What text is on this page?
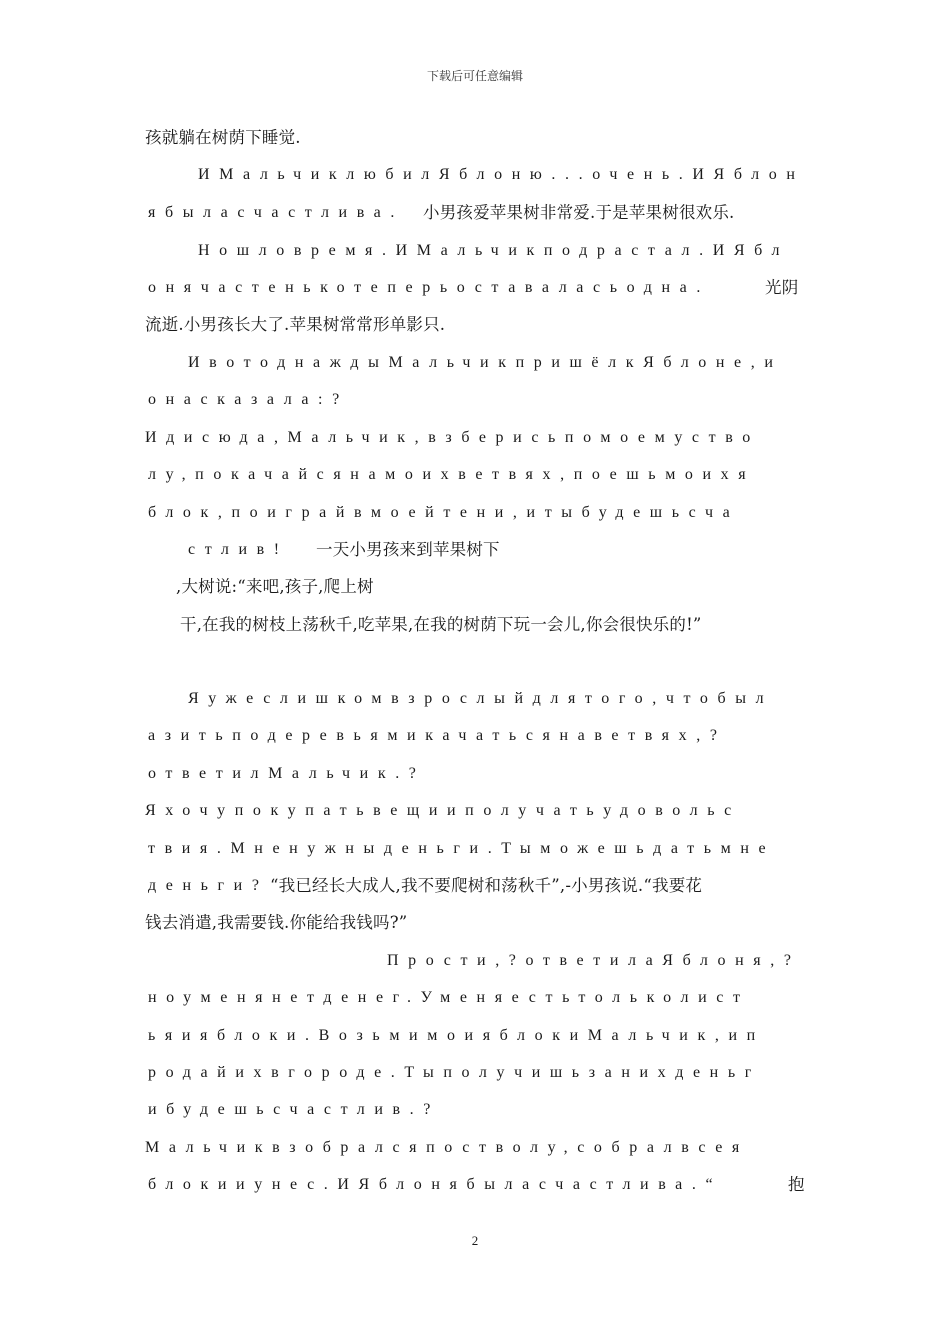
下载后可任意编辑
孩就躺在树荫下睡觉.
ИМальчиклюбилЯблоню...очень.ИЯблон
ябыласчастлива. 小男孩爱苹果树非常爱.于是苹果树很欢乐.
Ношловремя.ИМальчикподрастал.ИЯбл
онячастенькотеперьоставаласьодна.	光阴
流逝.小男孩长大了.苹果树常常形单影只.
ИвотоднаждыМальчикпришёлкЯблоне,и
онасказала:?
Идисюда,Мальчик,взберисьпомоемуство
лу,покачайсянамоихветвях,поешьмоихя
блок,поиграйвмоейтени,итыбудешьсча
стлив! 一天小男孩来到苹果树下
,大树说:“来吧,孩子,爬上树
干,在我的树枝上荡秋千,吃苹果,在我的树荫下玩一会儿,你会很快乐的!”
Яужеслишкомвзрослыйдлятого,чтобыл
азитьподеревьямикачатьсянаветвях,?
ответилМальчик.?
Яхочупокупатьвещииполучатьудовольс
твия.Мненужныденьги.Тыможешьдатьмне
деньги? “我已经长大成人,我不要爬树和荡秋千”,-小男孩说.“我要花
钱去消遣,我需要钱.你能给我钱吗?”
Прости,?ответилаЯблоня,?
ноуменянетденег.Уменяестьтольколист
ьяияблоки.ВозьмимоияблокиМальчик,ип
родайихвгороде.Тыполучишьзанихденьг
ибудешьсчастлив.?
Мальчиквзобралсяпостволу,собралвсея
блокииунес.ИЯблонябыласчастлива.“	抱
2
